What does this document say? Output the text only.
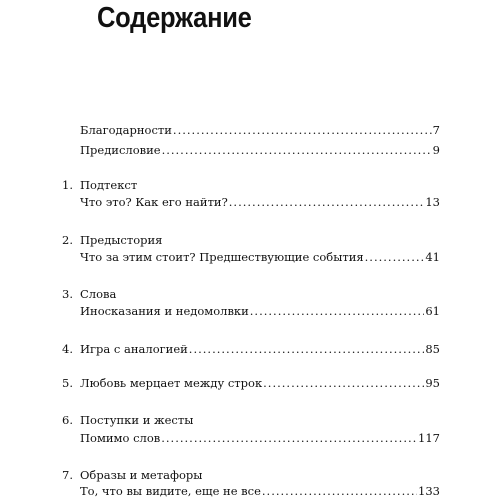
Содержание
Благодарности .....	7
Предисловие .....	9
1. Подтекст
Что это? Как его найти? .....	13
2. Предыстория
Что за этим стоит? Предшествующие события .....	41
3. Слова
Иносказания и недомолвки .....	61
4. Игра с аналогией .....	85
5. Любовь мерцает между строк .....	95
6. Поступки и жесты
Помимо слов .....	117
7. Образы и метафоры
То, что вы видите, еще не все .....	133
